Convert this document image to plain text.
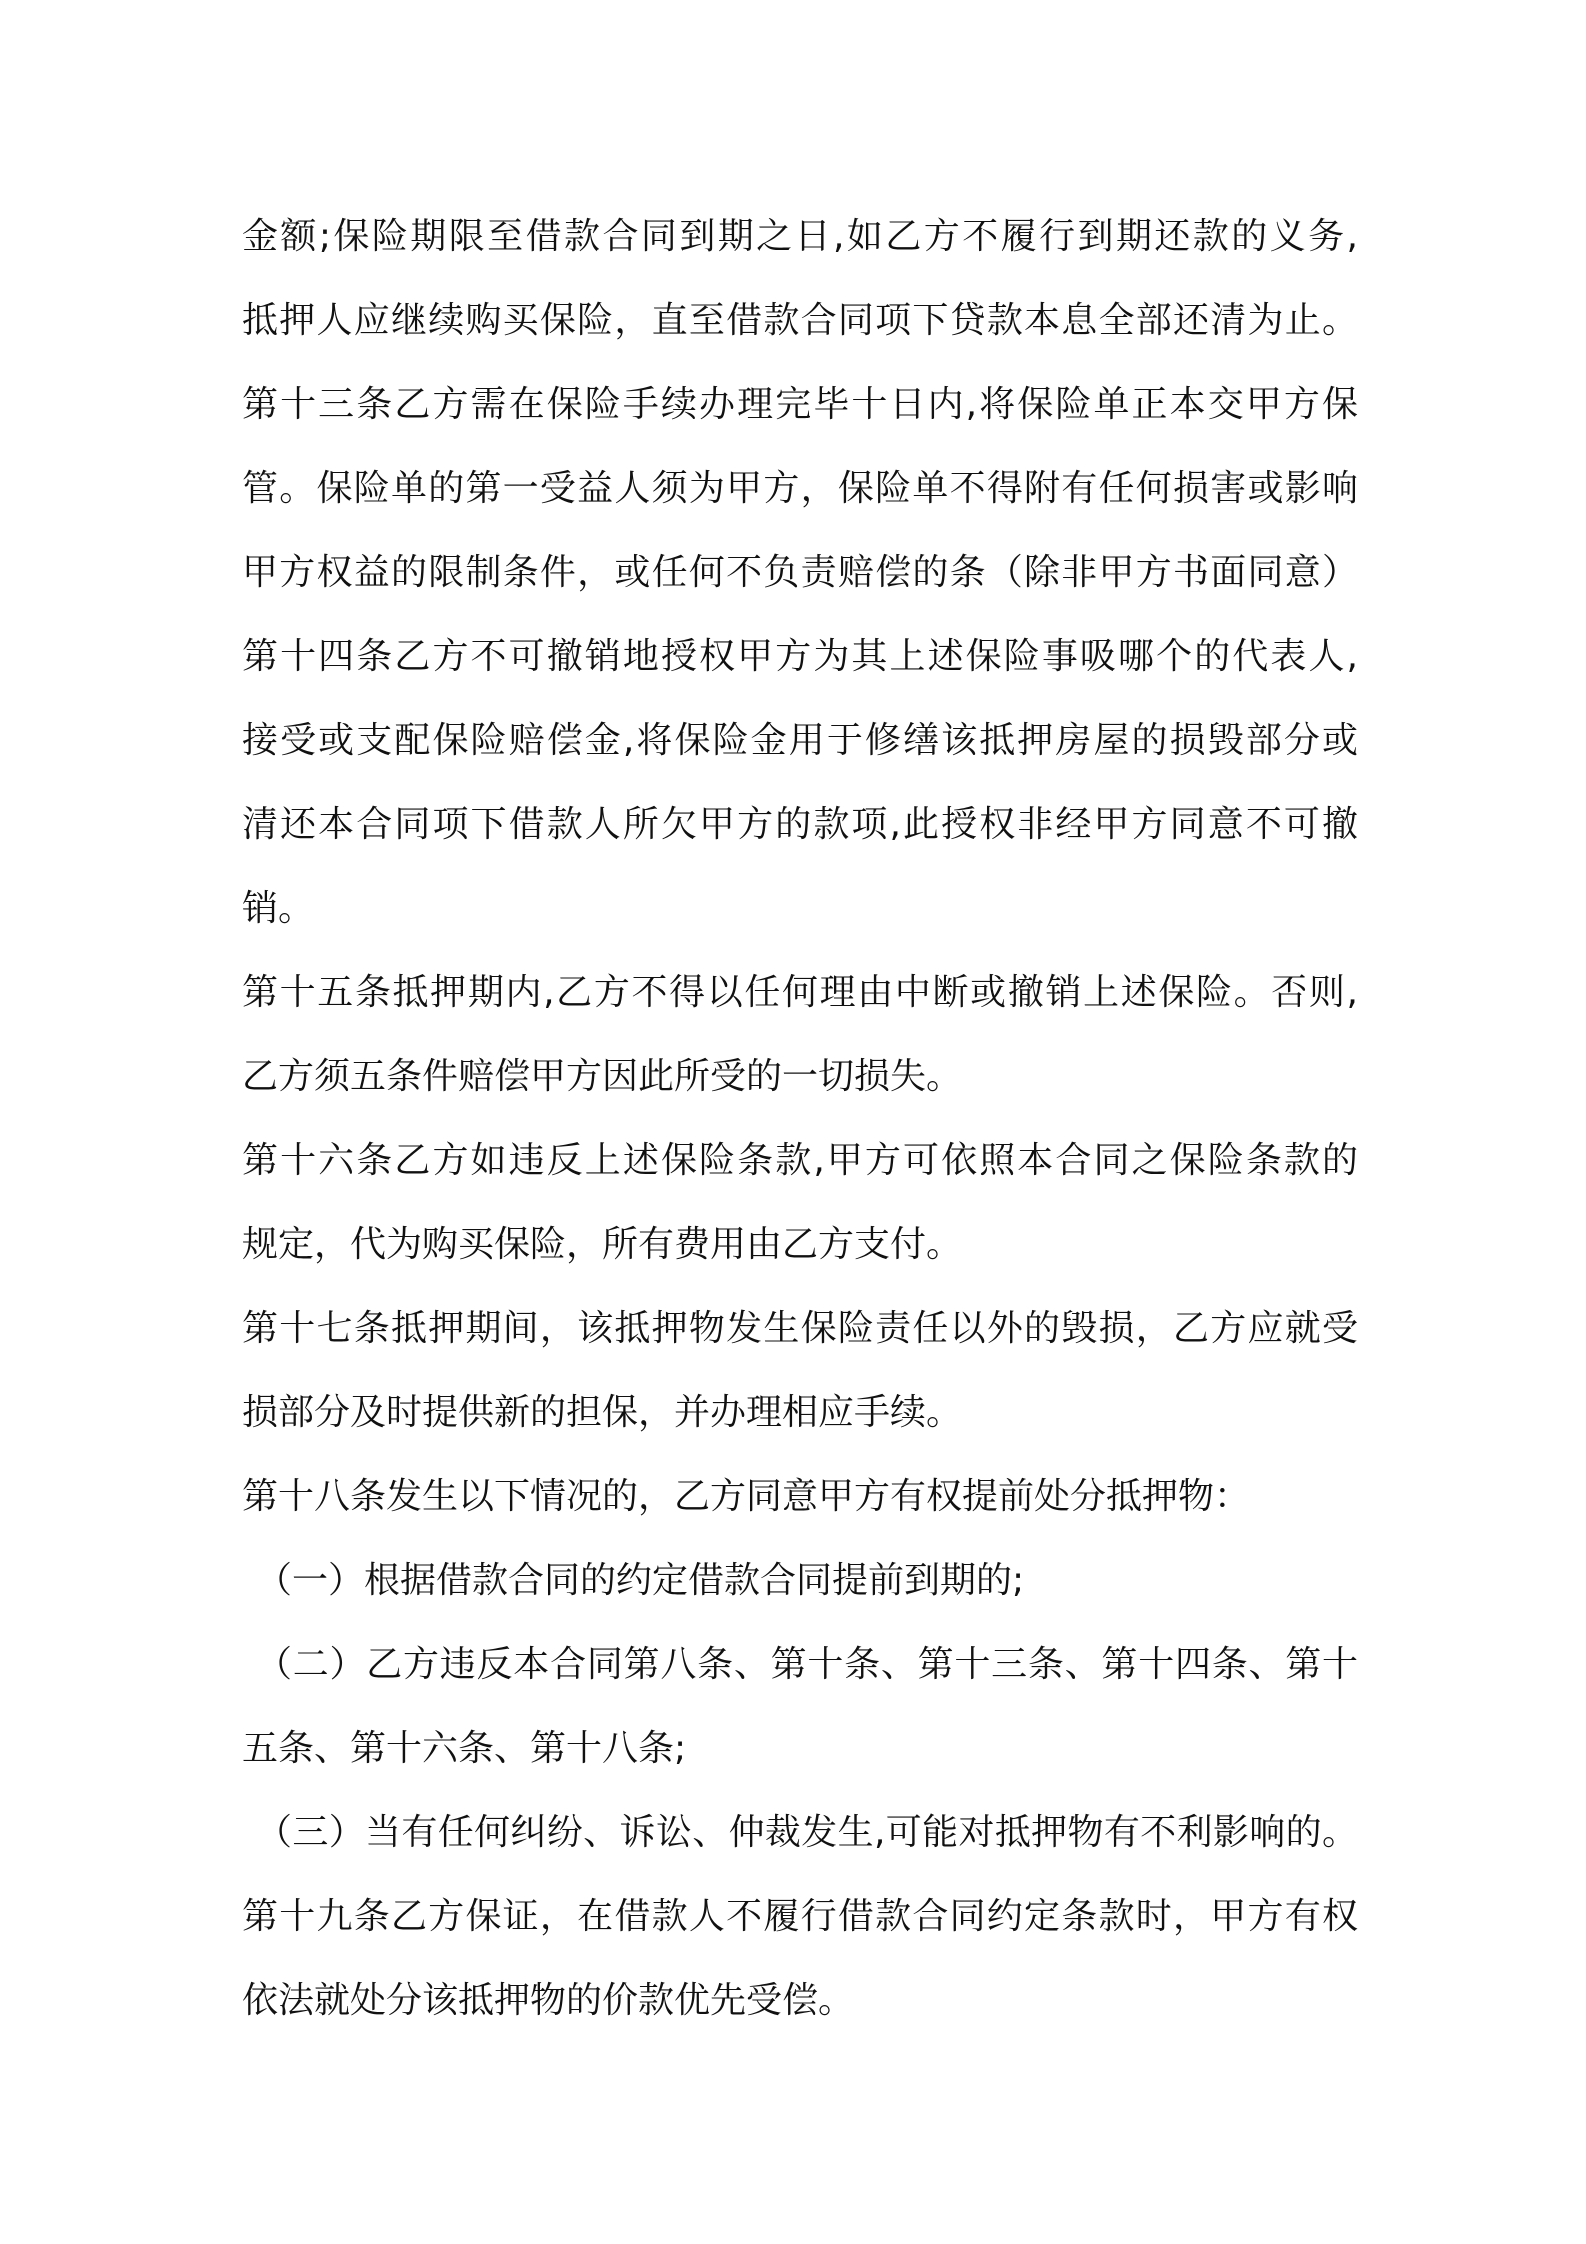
金额;保险期限至借款合同到期之日,如乙方不履行到期还款的义务,

抵押人应继续购买保险，直至借款合同项下贷款本息全部还清为止。

第十三条乙方需在保险手续办理完毕十日内,将保险单正本交甲方保

管。保险单的第一受益人须为甲方，保险单不得附有任何损害或影响

甲方权益的限制条件，或任何不负责赔偿的条（除非甲方书面同意）

第十四条乙方不可撤销地授权甲方为其上述保险事吸哪个的代表人,

接受或支配保险赔偿金,将保险金用于修缮该抵押房屋的损毁部分或

清还本合同项下借款人所欠甲方的款项,此授权非经甲方同意不可撤

销。

第十五条抵押期内,乙方不得以任何理由中断或撤销上述保险。否则,

乙方须五条件赔偿甲方因此所受的一切损失。

第十六条乙方如违反上述保险条款,甲方可依照本合同之保险条款的

规定，代为购买保险，所有费用由乙方支付。

第十七条抵押期间，该抵押物发生保险责任以外的毁损，乙方应就受

损部分及时提供新的担保，并办理相应手续。

第十八条发生以下情况的，乙方同意甲方有权提前处分抵押物：

（一）根据借款合同的约定借款合同提前到期的;

（二）乙方违反本合同第八条、第十条、第十三条、第十四条、第十

五条、第十六条、第十八条;

（三）当有任何纠纷、诉讼、仲裁发生,可能对抵押物有不利影响的。

第十九条乙方保证，在借款人不履行借款合同约定条款时，甲方有权

依法就处分该抵押物的价款优先受偿。
